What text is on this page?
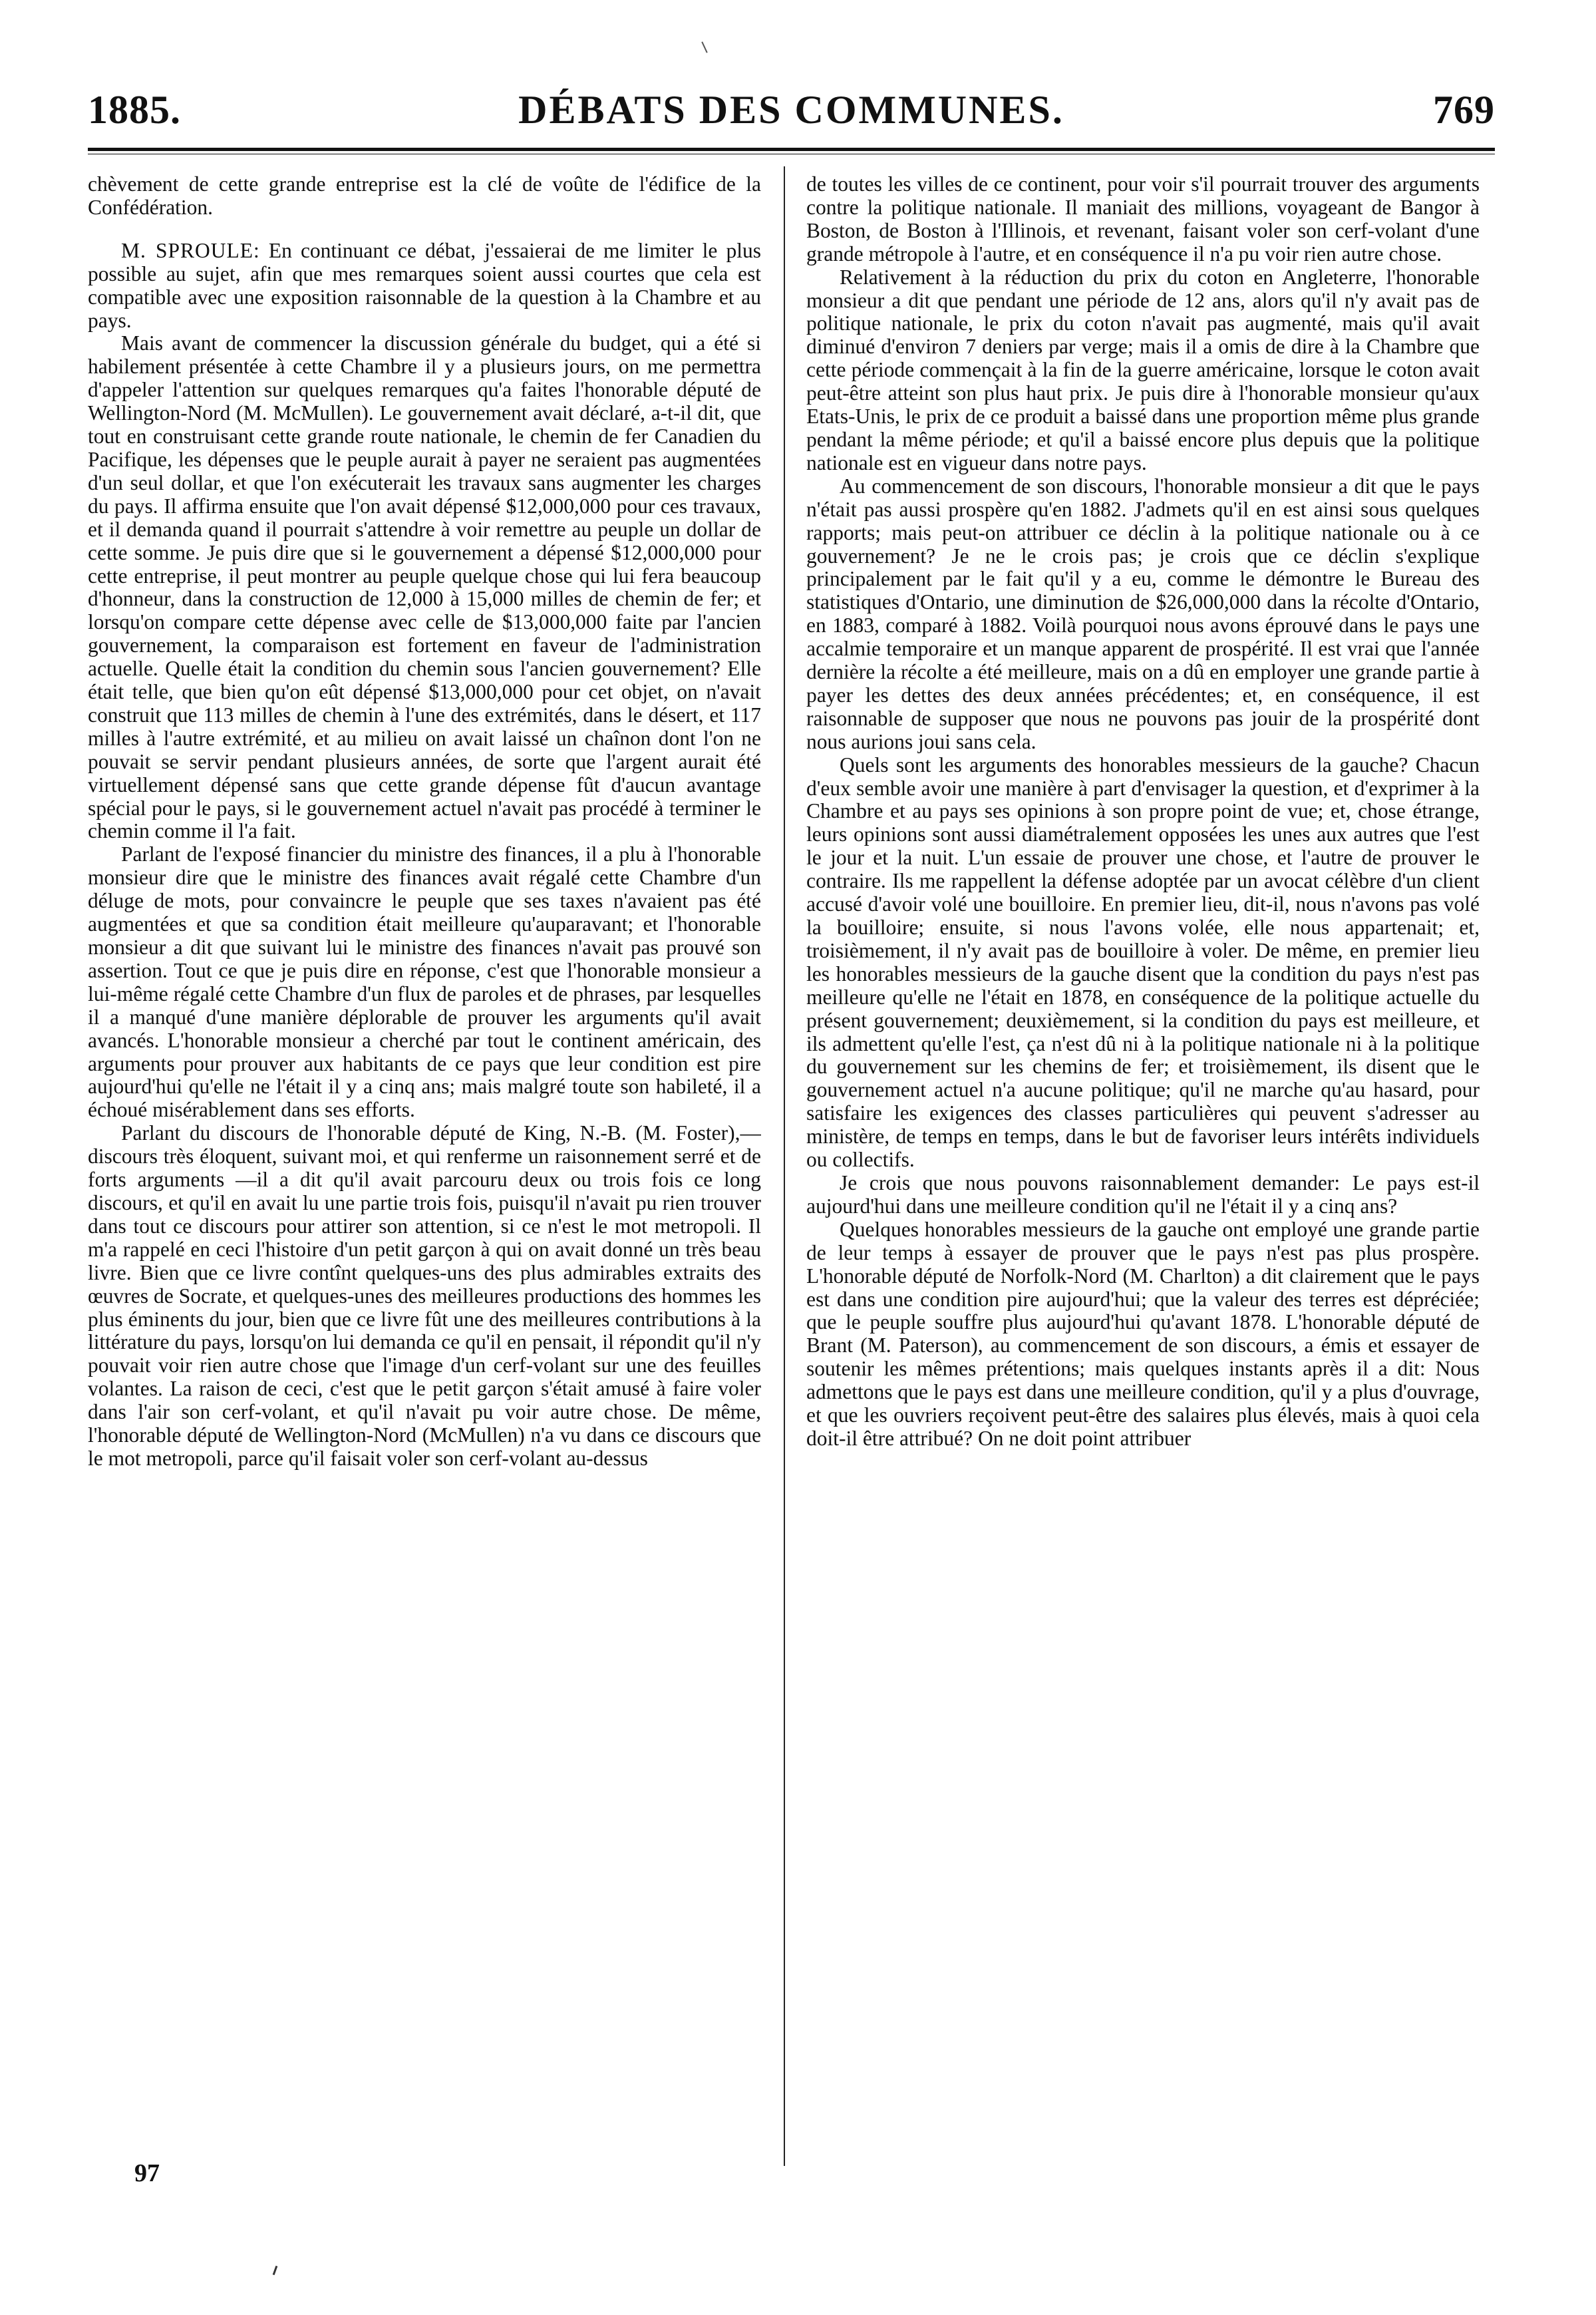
DÉBATS DES COMMUNES.
1885.	769

chèvement de cette grande entreprise est la clé de voûte de l'édifice de la Confédération.

M. SPROULE: En continuant ce débat, j'essaierai de me limiter le plus possible au sujet, afin que mes remarques soient aussi courtes que cela est compatible avec une exposition raisonnable de la question à la Chambre et au pays.

Mais avant de commencer la discussion générale du budget, qui a été si habilement présentée à cette Chambre il y a plusieurs jours, on me permettra d'appeler l'attention sur quelques remarques qu'a faites l'honorable député de Wellington-Nord (M. McMullen). Le gouvernement avait déclaré, a-t-il dit, que tout en construisant cette grande route nationale, le chemin de fer Canadien du Pacifique, les dépenses que le peuple aurait à payer ne seraient pas augmentées d'un seul dollar, et que l'on exécuterait les travaux sans augmenter les charges du pays. Il affirma ensuite que l'on avait dépensé $12,000,000 pour ces travaux, et il demanda quand il pourrait s'attendre à voir remettre au peuple un dollar de cette somme. Je puis dire que si le gouvernement a dépensé $12,000,000 pour cette entreprise, il peut montrer au peuple quelque chose qui lui fera beaucoup d'honneur, dans la construction de 12,000 à 15,000 milles de chemin de fer; et lorsqu'on compare cette dépense avec celle de $13,000,000 faite par l'ancien gouvernement, la comparaison est fortement en faveur de l'administration actuelle. Quelle était la condition du chemin sous l'ancien gouvernement? Elle était telle, que bien qu'on eût dépensé $13,000,000 pour cet objet, on n'avait construit que 113 milles de chemin à l'une des extrémités, dans le désert, et 117 milles à l'autre extrémité, et au milieu on avait laissé un chaînon dont l'on ne pouvait se servir pendant plusieurs années, de sorte que l'argent aurait été virtuellement dépensé sans que cette grande dépense fût d'aucun avantage spécial pour le pays, si le gouvernement actuel n'avait pas procédé à terminer le chemin comme il l'a fait.

Parlant de l'exposé financier du ministre des finances, il a plu à l'honorable monsieur dire que le ministre des finances avait régalé cette Chambre d'un déluge de mots, pour convaincre le peuple que ses taxes n'avaient pas été augmentées et que sa condition était meilleure qu'auparavant; et l'honorable monsieur a dit que suivant lui le ministre des finances n'avait pas prouvé son assertion. Tout ce que je puis dire en réponse, c'est que l'honorable monsieur a lui-même régalé cette Chambre d'un flux de paroles et de phrases, par lesquelles il a manqué d'une manière déplorable de prouver les arguments qu'il avait avancés. L'honorable monsieur a cherché par tout le continent américain, des arguments pour prouver aux habitants de ce pays que leur condition est pire aujourd'hui qu'elle ne l'était il y a cinq ans; mais malgré toute son habileté, il a échoué misérablement dans ses efforts.

Parlant du discours de l'honorable député de King, N.-B. (M. Foster),—discours très éloquent, suivant moi, et qui renferme un raisonnement serré et de forts arguments —il a dit qu'il avait parcouru deux ou trois fois ce long discours, et qu'il en avait lu une partie trois fois, puisqu'il n'avait pu rien trouver dans tout ce discours pour attirer son attention, si ce n'est le mot metropoli. Il m'a rappelé en ceci l'histoire d'un petit garçon à qui on avait donné un très beau livre. Bien que ce livre contînt quelques-uns des plus admirables extraits des œuvres de Socrate, et quelques-unes des meilleures productions des hommes les plus éminents du jour, bien que ce livre fût une des meilleures contributions à la littérature du pays, lorsqu'on lui demanda ce qu'il en pensait, il répondit qu'il n'y pouvait voir rien autre chose que l'image d'un cerf-volant sur une des feuilles volantes. La raison de ceci, c'est que le petit garçon s'était amusé à faire voler dans l'air son cerf-volant, et qu'il n'avait pu voir autre chose. De même, l'honorable député de Wellington-Nord (McMullen) n'a vu dans ce discours que le mot metropoli, parce qu'il faisait voler son cerf-volant au-dessus

de toutes les villes de ce continent, pour voir s'il pourrait trouver des arguments contre la politique nationale. Il maniait des millions, voyageant de Bangor à Boston, de Boston à l'Illinois, et revenant, faisant voler son cerf-volant d'une grande métropole à l'autre, et en conséquence il n'a pu voir rien autre chose.

Relativement à la réduction du prix du coton en Angleterre, l'honorable monsieur a dit que pendant une période de 12 ans, alors qu'il n'y avait pas de politique nationale, le prix du coton n'avait pas augmenté, mais qu'il avait diminué d'environ 7 deniers par verge; mais il a omis de dire à la Chambre que cette période commençait à la fin de la guerre américaine, lorsque le coton avait peut-être atteint son plus haut prix. Je puis dire à l'honorable monsieur qu'aux Etats-Unis, le prix de ce produit a baissé dans une proportion même plus grande pendant la même période; et qu'il a baissé encore plus depuis que la politique nationale est en vigueur dans notre pays.

Au commencement de son discours, l'honorable monsieur a dit que le pays n'était pas aussi prospère qu'en 1882. J'admets qu'il en est ainsi sous quelques rapports; mais peut-on attribuer ce déclin à la politique nationale ou à ce gouvernement? Je ne le crois pas; je crois que ce déclin s'explique principalement par le fait qu'il y a eu, comme le démontre le Bureau des statistiques d'Ontario, une diminution de $26,000,000 dans la récolte d'Ontario, en 1883, comparé à 1882. Voilà pourquoi nous avons éprouvé dans le pays une accalmie temporaire et un manque apparent de prospérité. Il est vrai que l'année dernière la récolte a été meilleure, mais on a dû en employer une grande partie à payer les dettes des deux années précédentes; et, en conséquence, il est raisonnable de supposer que nous ne pouvons pas jouir de la prospérité dont nous aurions joui sans cela.

Quels sont les arguments des honorables messieurs de la gauche? Chacun d'eux semble avoir une manière à part d'envisager la question, et d'exprimer à la Chambre et au pays ses opinions à son propre point de vue; et, chose étrange, leurs opinions sont aussi diamétralement opposées les unes aux autres que l'est le jour et la nuit. L'un essaie de prouver une chose, et l'autre de prouver le contraire. Ils me rappellent la défense adoptée par un avocat célèbre d'un client accusé d'avoir volé une bouilloire. En premier lieu, dit-il, nous n'avons pas volé la bouilloire; ensuite, si nous l'avons volée, elle nous appartenait; et, troisièmement, il n'y avait pas de bouilloire à voler. De même, en premier lieu les honorables messieurs de la gauche disent que la condition du pays n'est pas meilleure qu'elle ne l'était en 1878, en conséquence de la politique actuelle du présent gouvernement; deuxièmement, si la condition du pays est meilleure, et ils admettent qu'elle l'est, ça n'est dû ni à la politique nationale ni à la politique du gouvernement sur les chemins de fer; et troisièmement, ils disent que le gouvernement actuel n'a aucune politique; qu'il ne marche qu'au hasard, pour satisfaire les exigences des classes particulières qui peuvent s'adresser au ministère, de temps en temps, dans le but de favoriser leurs intérêts individuels ou collectifs.

Je crois que nous pouvons raisonnablement demander: Le pays est-il aujourd'hui dans une meilleure condition qu'il ne l'était il y a cinq ans?

Quelques honorables messieurs de la gauche ont employé une grande partie de leur temps à essayer de prouver que le pays n'est pas plus prospère. L'honorable député de Norfolk-Nord (M. Charlton) a dit clairement que le pays est dans une condition pire aujourd'hui; que la valeur des terres est dépréciée; que le peuple souffre plus aujourd'hui qu'avant 1878. L'honorable député de Brant (M. Paterson), au commencement de son discours, a émis et essayer de soutenir les mêmes prétentions; mais quelques instants après il a dit: Nous admettons que le pays est dans une meilleure condition, qu'il y a plus d'ouvrage, et que les ouvriers reçoivent peut-être des salaires plus élevés, mais à quoi cela doit-il être attribué? On ne doit point attribuer

97
